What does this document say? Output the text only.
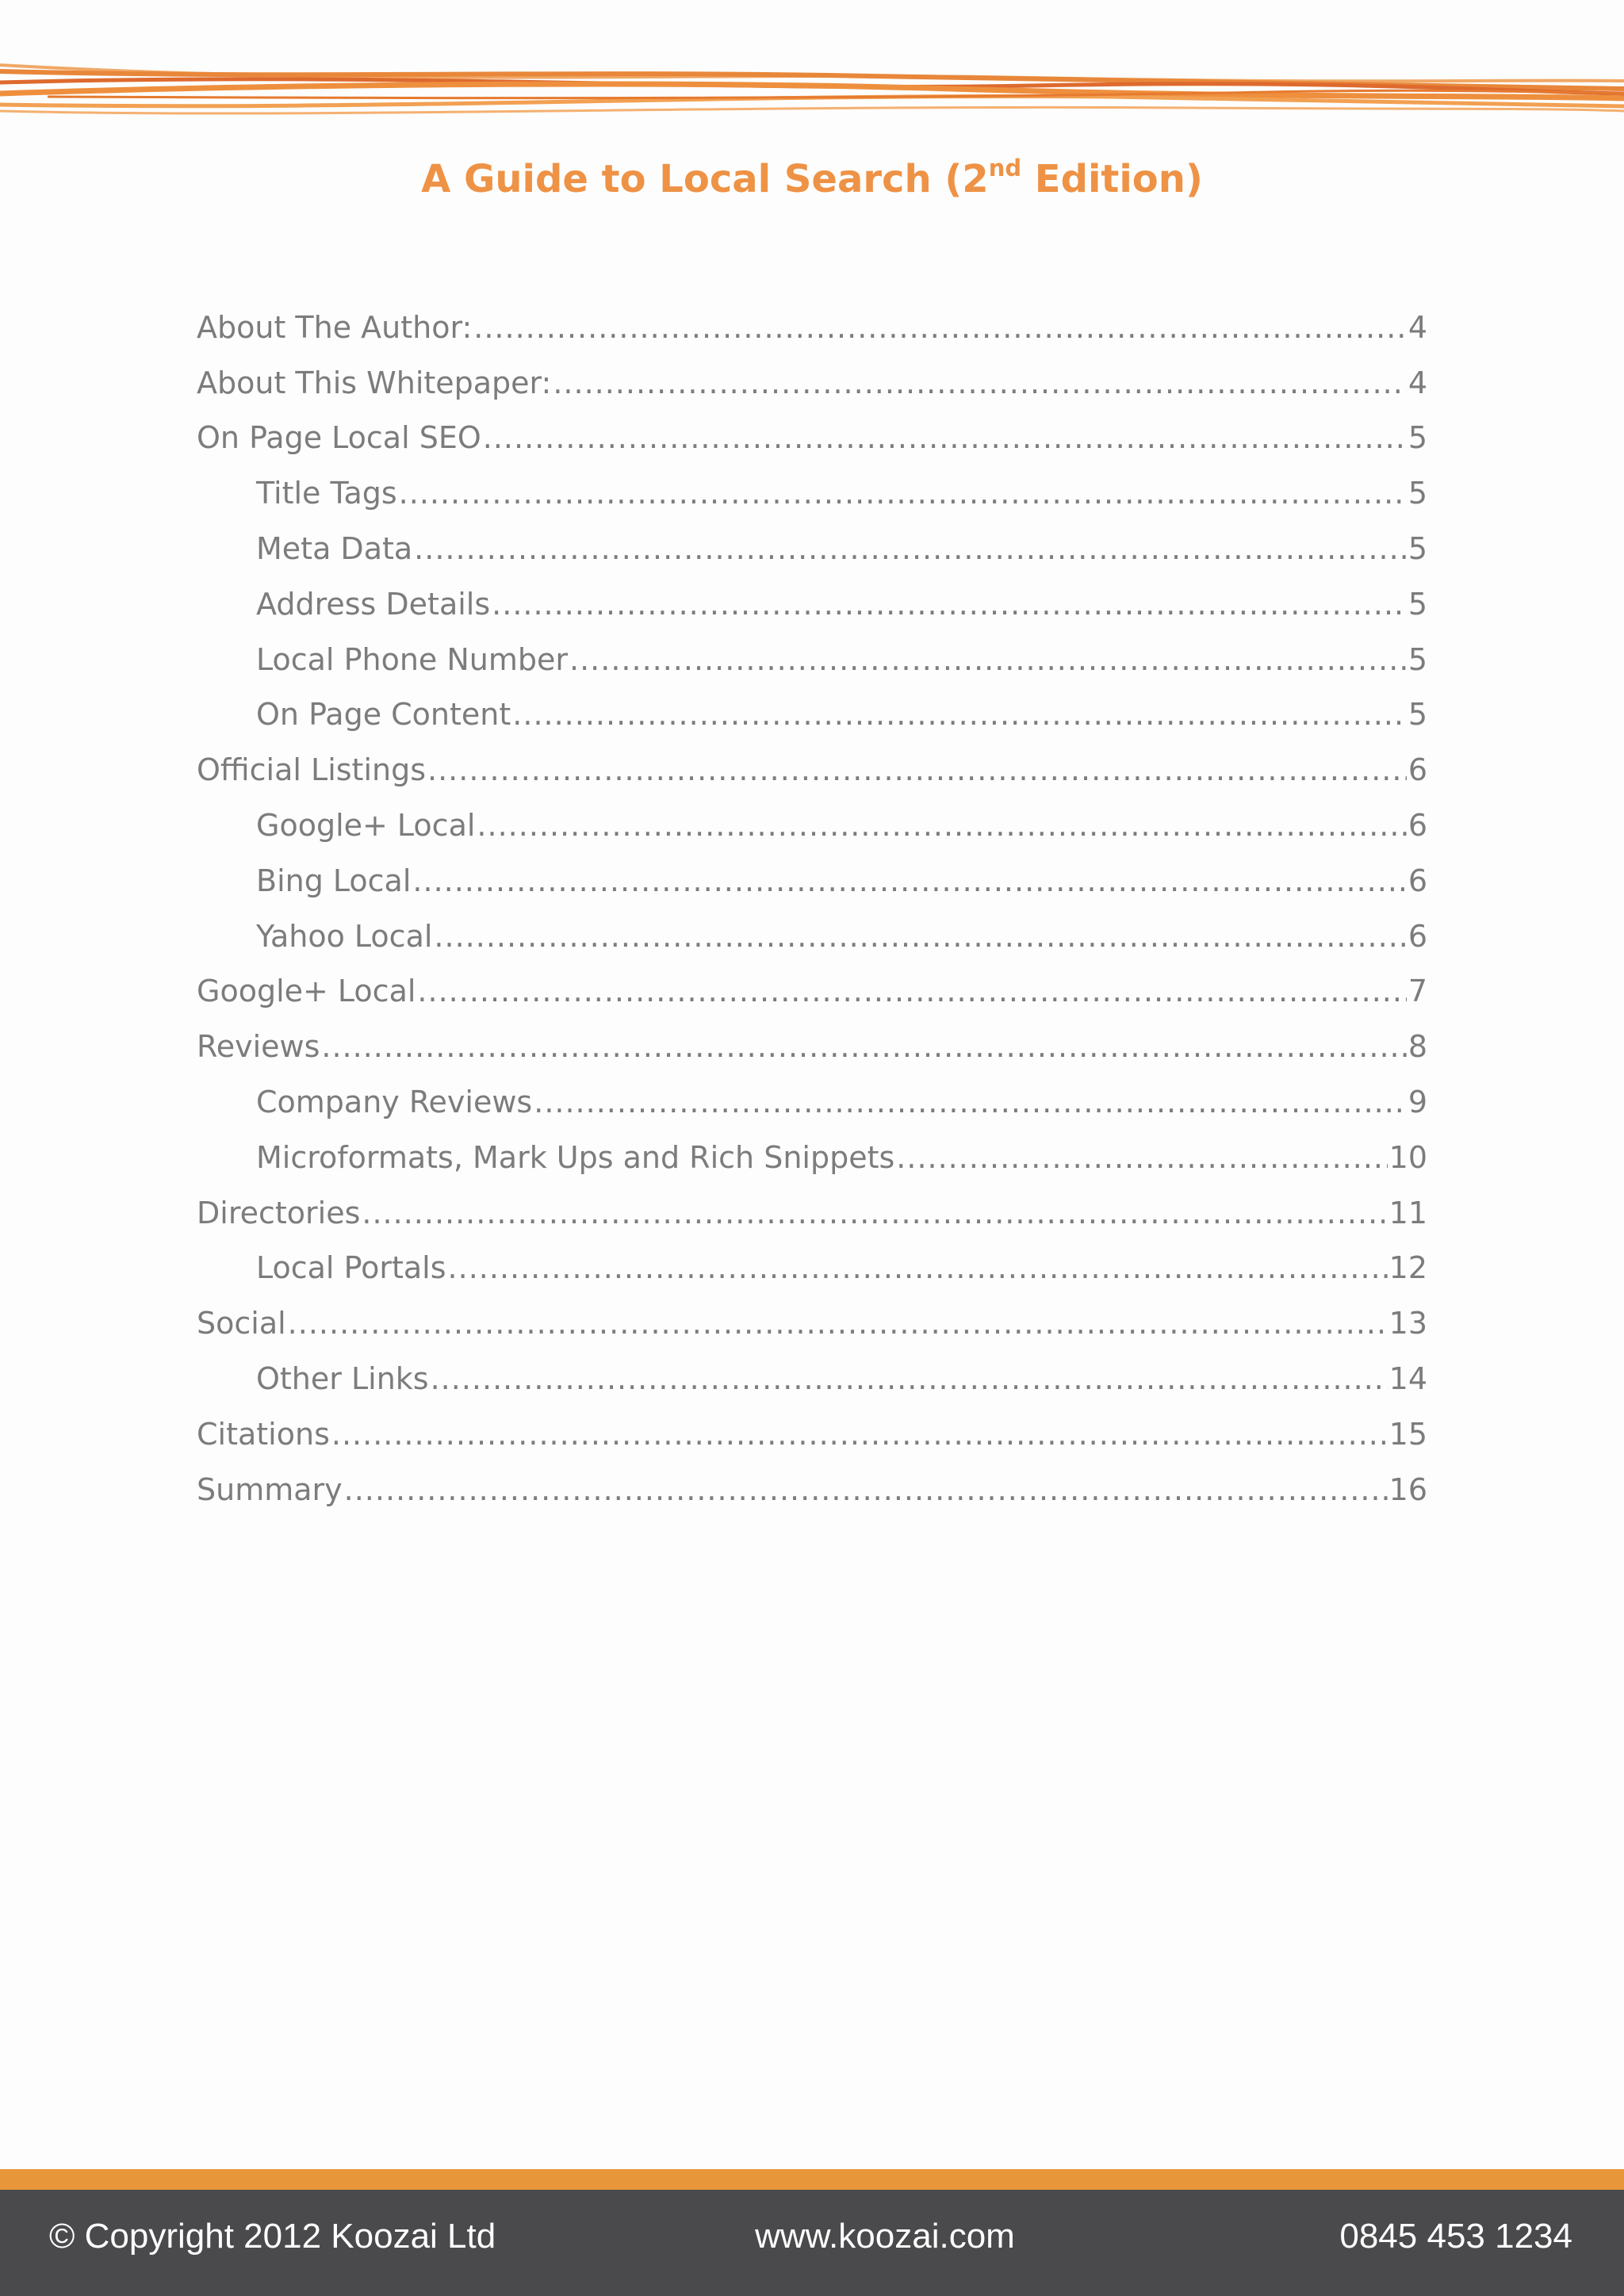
A Guide to Local Search (2nd Edition)
About The Author: .....	4
About This Whitepaper: .....	4
On Page Local SEO .....	5
Title Tags .....	5
Meta Data .....	5
Address Details .....	5
Local Phone Number .....	5
On Page Content .....	5
Official Listings .....	6
Google+ Local .....	6
Bing Local .....	6
Yahoo Local .....	6
Google+ Local .....	7
Reviews .....	8
Company Reviews .....	9
Microformats, Mark Ups and Rich Snippets .....	10
Directories .....	11
Local Portals .....	12
Social .....	13
Other Links .....	14
Citations .....	15
Summary .....	16
© Copyright 2012 Koozai Ltd	www.koozai.com	0845 453 1234
